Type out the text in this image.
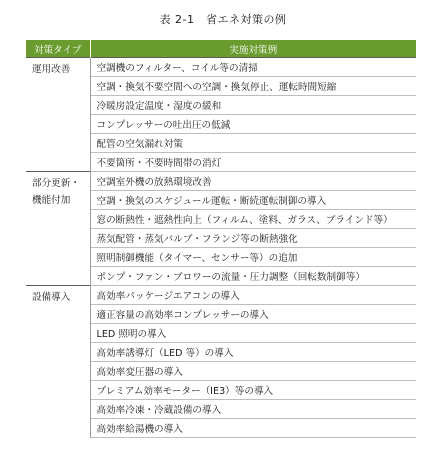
表 2-1　省エネ対策の例
対策タイプ	実施対策例

運用改善	空調機のフィルター、コイル等の清掃
	空調・換気不要空間への空調・換気停止、運転時間短縮
	冷暖房設定温度・湿度の緩和
	コンプレッサーの吐出圧の低減
	配管の空気漏れ対策
	不要箇所・不要時間帯の消灯

部分更新・
機能付加	空調室外機の放熱環境改善
	空調・換気のスケジュール運転・断続運転制御の導入
	窓の断熱性・遮熱性向上（フィルム、塗料、ガラス、ブラインド等）
	蒸気配管・蒸気バルブ・フランジ等の断熱強化
	照明制御機能（タイマー、センサー等）の追加
	ポンプ・ファン・ブロワーの流量・圧力調整（回転数制御等）

設備導入	高効率パッケージエアコンの導入
	適正容量の高効率コンプレッサーの導入
	LED 照明の導入
	高効率誘導灯（LED 等）の導入
	高効率変圧器の導入
	プレミアム効率モーター（IE3）等の導入
	高効率冷凍・冷蔵設備の導入
	高効率給湯機の導入
